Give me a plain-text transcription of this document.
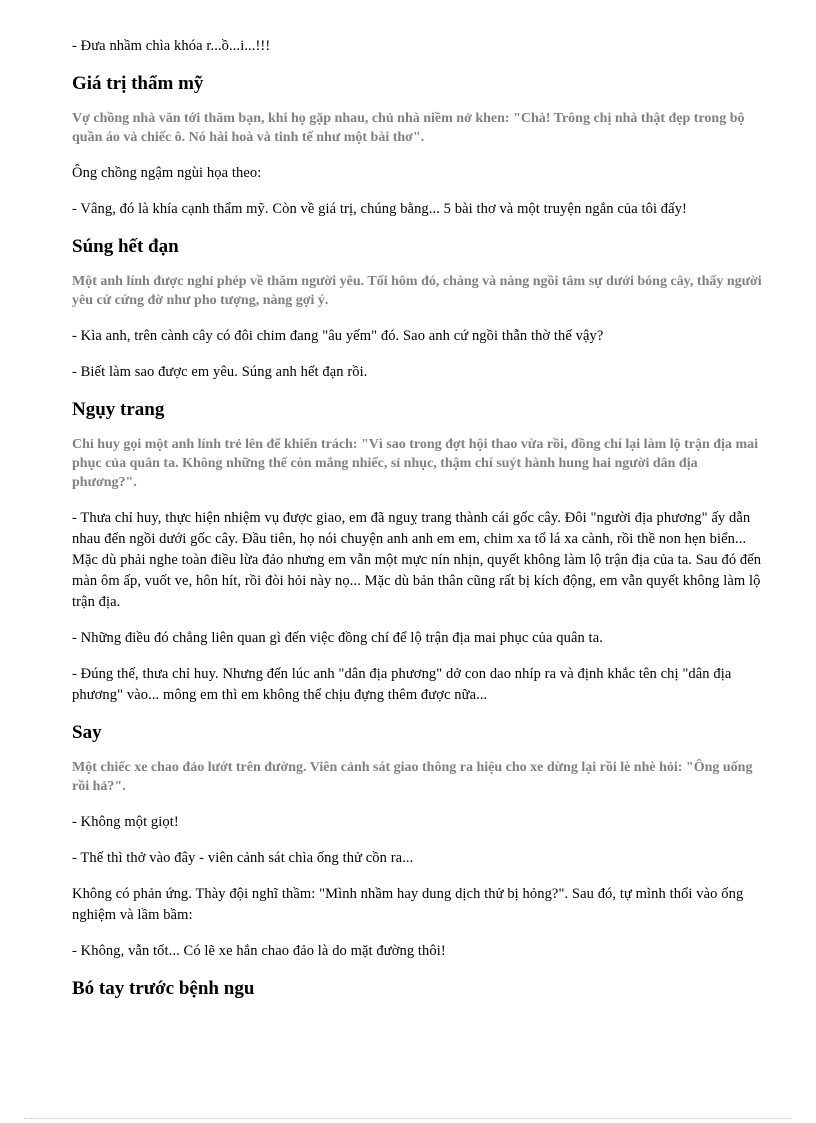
- Đưa nhầm chìa khóa r...ồ...i...!!!

Giá trị thẩm mỹ

Vợ chồng nhà văn tới thăm bạn, khi họ gặp nhau, chủ nhà niềm nở khen: "Chà! Trông chị nhà thật đẹp trong bộ quần áo và chiếc ô. Nó hài hoà và tinh tế như một bài thơ".

Ông chồng ngậm ngùi họa theo:

- Vâng, đó là khía cạnh thẩm mỹ. Còn về giá trị, chúng bằng... 5 bài thơ và một truyện ngắn của tôi đấy!

Súng hết đạn

Một anh lính được nghỉ phép về thăm người yêu. Tối hôm đó, chàng và nàng ngồi tâm sự dưới bóng cây, thấy người yêu cứ cứng đờ như pho tượng, nàng gợi ý.

- Kìa anh, trên cành cây có đôi chim đang "âu yếm" đó. Sao anh cứ ngồi thẫn thờ thế vậy?

- Biết làm sao được em yêu. Súng anh hết đạn rồi.

Ngụy trang

Chỉ huy gọi một anh lính trẻ lên để khiển trách: "Vì sao trong đợt hội thao vừa rồi, đồng chí lại làm lộ trận địa mai phục của quân ta. Không những thế còn mắng nhiếc, sỉ nhục, thậm chí suýt hành hung hai người dân địa phương?".

- Thưa chỉ huy, thực hiện nhiệm vụ được giao, em đã nguỵ trang thành cái gốc cây. Đôi "người địa phương" ấy dẫn nhau đến ngồi dưới gốc cây. Đầu tiên, họ nói chuyện anh anh em em, chim xa tổ lá xa cành, rồi thề non hẹn biển... Mặc dù phải nghe toàn điều lừa đảo nhưng em vẫn một mực nín nhịn, quyết không làm lộ trận địa của ta. Sau đó đến màn ôm ấp, vuốt ve, hôn hít, rồi đòi hỏi này nọ... Mặc dù bản thân cũng rất bị kích động, em vẫn quyết không làm lộ trận địa.

- Những điều đó chẳng liên quan gì đến việc đồng chí để lộ trận địa mai phục của quân ta.

- Đúng thế, thưa chỉ huy. Nhưng đến lúc anh "dân địa phương" dở con dao nhíp ra và định khắc tên chị "dân địa phương" vào... mông em thì em không thể chịu đựng thêm được nữa...

Say

Một chiếc xe chao đảo lướt trên đường. Viên cảnh sát giao thông ra hiệu cho xe dừng lại rồi lè nhè hỏi: "Ông uống rồi hả?".

- Không một giọt!

- Thế thì thở vào đây - viên cảnh sát chìa ống thử cồn ra...

Không có phản ứng. Thày đội nghĩ thầm: "Mình nhầm hay dung dịch thử bị hỏng?". Sau đó, tự mình thổi vào ống nghiệm và lầm bầm:

- Không, vẫn tốt... Có lẽ xe hắn chao đảo là do mặt đường thôi!

Bó tay trước bệnh ngu
